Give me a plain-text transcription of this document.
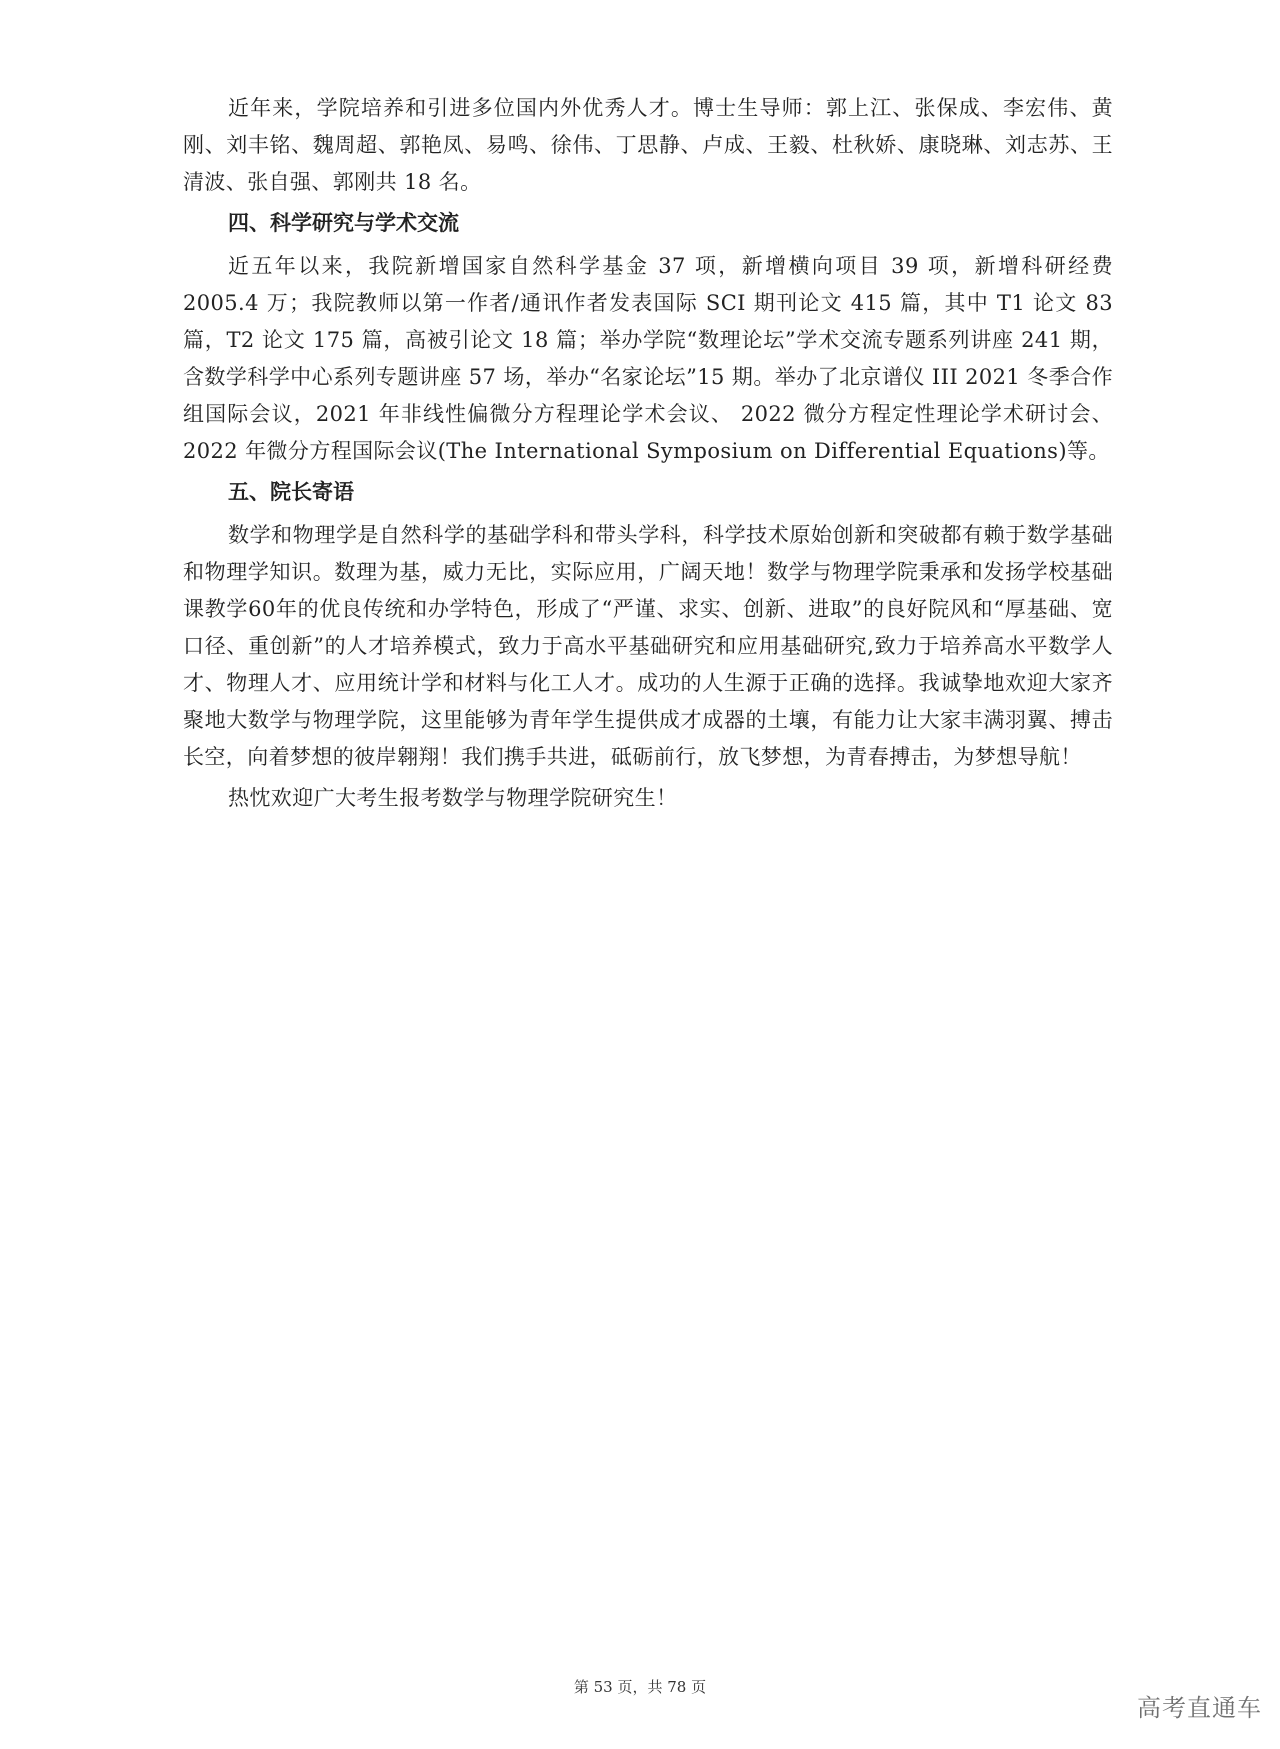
近年来，学院培养和引进多位国内外优秀人才。博士生导师：郭上江、张保成、李宏伟、黄刚、刘丰铭、魏周超、郭艳凤、易鸣、徐伟、丁思静、卢成、王毅、杜秋娇、康晓琳、刘志苏、王清波、张自强、郭刚共 18 名。

四、科学研究与学术交流

近五年以来，我院新增国家自然科学基金 37 项，新增横向项目 39 项，新增科研经费 2005.4 万；我院教师以第一作者/通讯作者发表国际 SCI 期刊论文 415 篇，其中 T1 论文 83 篇，T2 论文 175 篇，高被引论文 18 篇；举办学院“数理论坛”学术交流专题系列讲座 241 期，含数学科学中心系列专题讲座 57 场，举办“名家论坛”15 期。举办了北京谱仪 III 2021 冬季合作组国际会议，2021 年非线性偏微分方程理论学术会议、 2022 微分方程定性理论学术研讨会、2022 年微分方程国际会议(The International Symposium on Differential Equations)等。

五、院长寄语

数学和物理学是自然科学的基础学科和带头学科，科学技术原始创新和突破都有赖于数学基础和物理学知识。数理为基，威力无比，实际应用，广阔天地！数学与物理学院秉承和发扬学校基础课教学60年的优良传统和办学特色，形成了“严谨、求实、创新、进取”的良好院风和“厚基础、宽口径、重创新”的人才培养模式，致力于高水平基础研究和应用基础研究,致力于培养高水平数学人才、物理人才、应用统计学和材料与化工人才。成功的人生源于正确的选择。我诚挚地欢迎大家齐聚地大数学与物理学院，这里能够为青年学生提供成才成器的土壤，有能力让大家丰满羽翼、搏击长空，向着梦想的彼岸翱翔！我们携手共进，砥砺前行，放飞梦想，为青春搏击，为梦想导航！

热忱欢迎广大考生报考数学与物理学院研究生！

第 53 页，共 78 页
高考直通车
